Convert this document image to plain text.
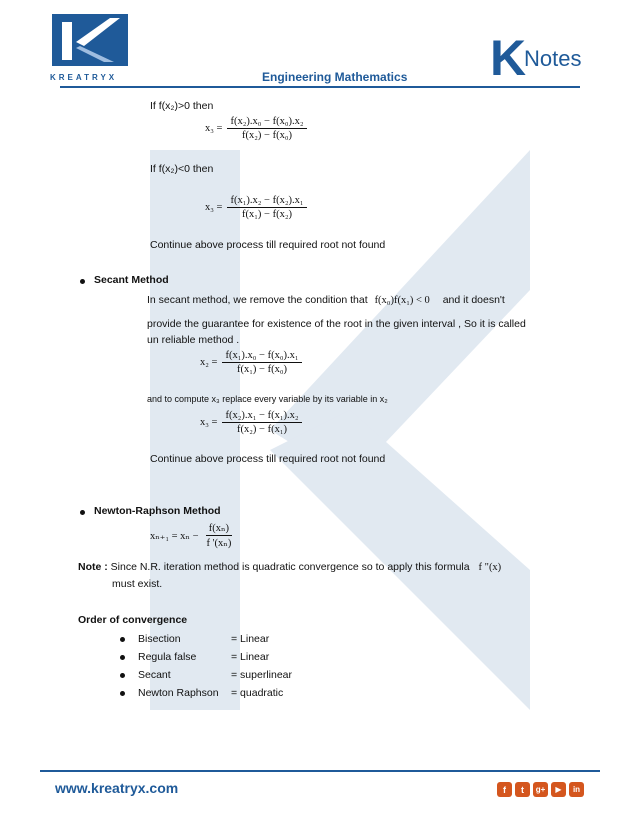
KREATRYX	Engineering Mathematics K
Notes
If f(x₂)>0 then
$x_3 = \frac{\text{f(x₂).x₀ − f(x₀).x₂}}{\text{f(x₂) − f(x₀)}}$
If f(x₂)<0 then
$x_3 = \frac{\text{f(x₁).x₂ − f(x₂).x₁}}{\text{f(x₁) − f(x₂)}}$
Continue above process till required root not found
Secant Method
In secant method, we remove the condition that f(x₀)f(x₁) < 0 and it doesn't
provide the guarantee for existence of the root in the given interval , So it is called
un reliable method .
$x_2 = \frac{\text{f(x₁).x₀ − f(x₀).x₁}}{\text{f(x₁) − f(x₀)}}$
and to compute x₃ replace every variable by its variable in x₂
$x_3 = \frac{\text{f(x₂).x₁ − f(x₁).x₂}}{\text{f(x₂) − f(x₁)}}$
Continue above process till required root not found
Newton-Raphson Method
$x_{n+1} = x_n - \frac{\text{f(xₙ)}}{\text{f '(xₙ)}}$
Note : Since N.R. iteration method is quadratic convergence so to apply this formula f "(x)
must exist.
Order of convergence
Bisection	= Linear
Regula false	= Linear
Secant	= superlinear
Newton Raphson	= quadratic
www.kreatryx.com	f	t	g+	▶	in
